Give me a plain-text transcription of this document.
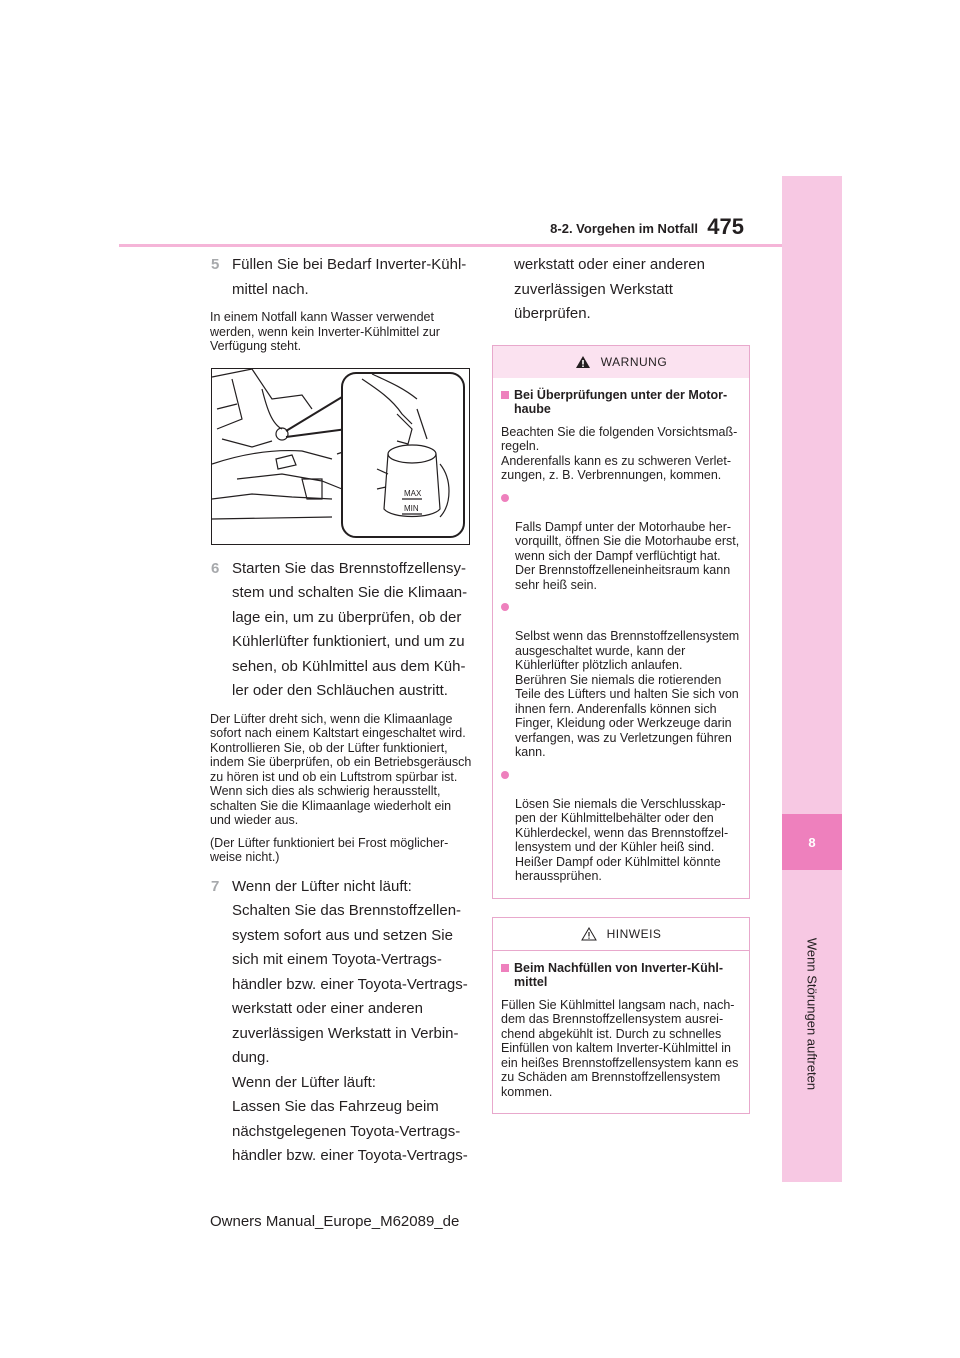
8
Wenn Störungen auftreten
8-2. Vorgehen im Notfall 475

5 Füllen Sie bei Bedarf Inverter-Kühlmittel nach.

In einem Notfall kann Wasser verwendet werden, wenn kein Inverter-Kühlmittel zur Verfügung steht.

MAX
MIN

6 Starten Sie das Brennstoffzellensystem und schalten Sie die Klimaanlage ein, um zu überprüfen, ob der Kühlerlüfter funktioniert, und um zu sehen, ob Kühlmittel aus dem Kühler oder den Schläuchen austritt.

Der Lüfter dreht sich, wenn die Klimaanlage sofort nach einem Kaltstart eingeschaltet wird. Kontrollieren Sie, ob der Lüfter funktioniert, indem Sie überprüfen, ob ein Betriebsgeräusch zu hören ist und ob ein Luftstrom spürbar ist. Wenn sich dies als schwierig herausstellt, schalten Sie die Klimaanlage wiederholt ein und wieder aus.

(Der Lüfter funktioniert bei Frost möglicherweise nicht.)

7 Wenn der Lüfter nicht läuft:

Schalten Sie das Brennstoffzellensystem sofort aus und setzen Sie sich mit einem Toyota-Vertragshändler bzw. einer Toyota-Vertragswerkstatt oder einer anderen zuverlässigen Werkstatt in Verbindung.

Wenn der Lüfter läuft:

Lassen Sie das Fahrzeug beim nächstgelegenen Toyota-Vertragshändler bzw. einer Toyota-Vertrags-

werkstatt oder einer anderen zuverlässigen Werkstatt überprüfen.

WARNUNG

Bei Überprüfungen unter der Motorhaube

Beachten Sie die folgenden Vorsichtsmaßregeln.
Anderenfalls kann es zu schweren Verletzungen, z. B. Verbrennungen, kommen.

Falls Dampf unter der Motorhaube hervorquillt, öffnen Sie die Motorhaube erst, wenn sich der Dampf verflüchtigt hat. Der Brennstoffzelleneinheitsraum kann sehr heiß sein.

Selbst wenn das Brennstoffzellensystem ausgeschaltet wurde, kann der Kühlerlüfter plötzlich anlaufen.
Berühren Sie niemals die rotierenden Teile des Lüfters und halten Sie sich von ihnen fern. Anderenfalls können sich Finger, Kleidung oder Werkzeuge darin verfangen, was zu Verletzungen führen kann.

Lösen Sie niemals die Verschlusskappen der Kühlmittelbehälter oder den Kühlerdeckel, wenn das Brennstoffzellensystem und der Kühler heiß sind. Heißer Dampf oder Kühlmittel könnte heraussprühen.

HINWEIS

Beim Nachfüllen von Inverter-Kühlmittel

Füllen Sie Kühlmittel langsam nach, nachdem das Brennstoffzellensystem ausreichend abgekühlt ist. Durch zu schnelles Einfüllen von kaltem Inverter-Kühlmittel in ein heißes Brennstoffzellensystem kann es zu Schäden am Brennstoffzellensystem kommen.

Owners Manual_Europe_M62089_de
